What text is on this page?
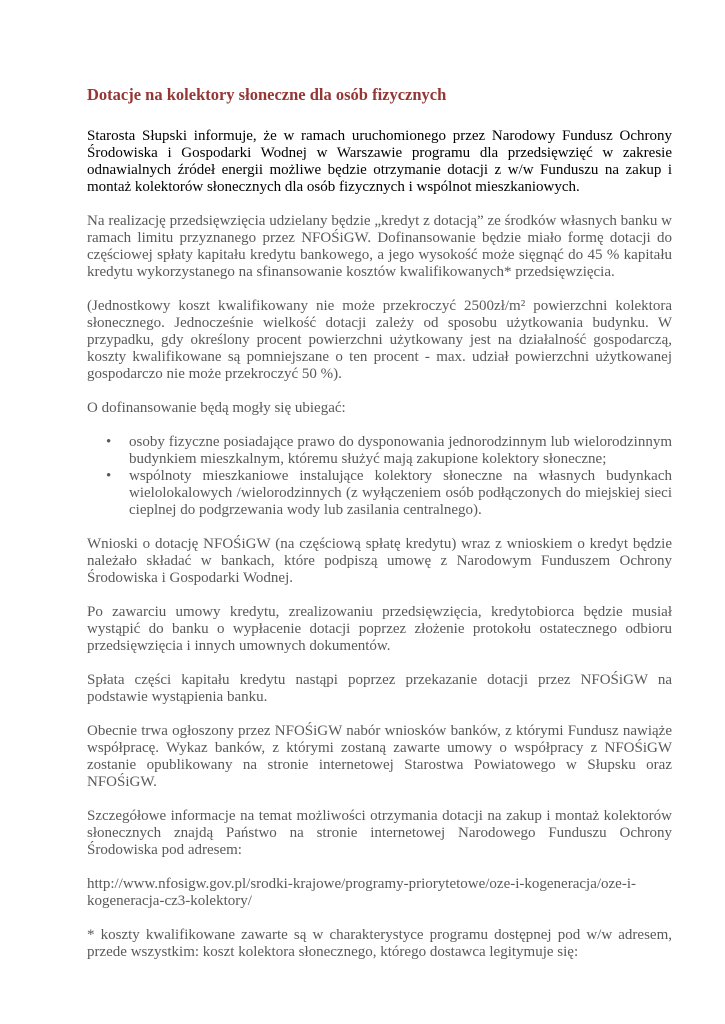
Dotacje na kolektory słoneczne dla osób fizycznych

Starosta Słupski informuje, że w ramach uruchomionego przez Narodowy Fundusz Ochrony Środowiska i Gospodarki Wodnej w Warszawie programu dla przedsięwzięć w zakresie odnawialnych źródeł energii możliwe będzie otrzymanie dotacji z w/w Funduszu na zakup i montaż kolektorów słonecznych dla osób fizycznych i wspólnot mieszkaniowych.

Na realizację przedsięwzięcia udzielany będzie „kredyt z dotacją” ze środków własnych banku w ramach limitu przyznanego przez NFOŚiGW. Dofinansowanie będzie miało formę dotacji do częściowej spłaty kapitału kredytu bankowego, a jego wysokość może sięgnąć do 45 % kapitału kredytu wykorzystanego na sfinansowanie kosztów kwalifikowanych* przedsięwzięcia.

(Jednostkowy koszt kwalifikowany nie może przekroczyć 2500zł/m² powierzchni kolektora słonecznego. Jednocześnie wielkość dotacji zależy od sposobu użytkowania budynku. W przypadku, gdy określony procent powierzchni użytkowany jest na działalność gospodarczą, koszty kwalifikowane są pomniejszane o ten procent - max. udział powierzchni użytkowanej gospodarczo nie może przekroczyć 50 %).

O dofinansowanie będą mogły się ubiegać:

• osoby fizyczne posiadające prawo do dysponowania jednorodzinnym lub wielorodzinnym budynkiem mieszkalnym, któremu służyć mają zakupione kolektory słoneczne;
• wspólnoty mieszkaniowe instalujące kolektory słoneczne na własnych budynkach wielolokalowych /wielorodzinnych (z wyłączeniem osób podłączonych do miejskiej sieci cieplnej do podgrzewania wody lub zasilania centralnego).

Wnioski o dotację NFOŚiGW (na częściową spłatę kredytu) wraz z wnioskiem o kredyt będzie należało składać w bankach, które podpiszą umowę z Narodowym Funduszem Ochrony Środowiska i Gospodarki Wodnej.

Po zawarciu umowy kredytu, zrealizowaniu przedsięwzięcia, kredytobiorca będzie musiał wystąpić do banku o wypłacenie dotacji poprzez złożenie protokołu ostatecznego odbioru przedsięwzięcia i innych umownych dokumentów.

Spłata części kapitału kredytu nastąpi poprzez przekazanie dotacji przez NFOŚiGW na podstawie wystąpienia banku.

Obecnie trwa ogłoszony przez NFOŚiGW nabór wniosków banków, z którymi Fundusz nawiąże współpracę. Wykaz banków, z którymi zostaną zawarte umowy o współpracy z NFOŚiGW zostanie opublikowany na stronie internetowej Starostwa Powiatowego w Słupsku oraz NFOŚiGW.

Szczegółowe informacje na temat możliwości otrzymania dotacji na zakup i montaż kolektorów słonecznych znajdą Państwo na stronie internetowej Narodowego Funduszu Ochrony Środowiska pod adresem:

http://www.nfosigw.gov.pl/srodki-krajowe/programy-priorytetowe/oze-i-kogeneracja/oze-i-
kogeneracja-cz3-kolektory/

* koszty kwalifikowane zawarte są w charakterystyce programu dostępnej pod w/w adresem, przede wszystkim: koszt kolektora słonecznego, którego dostawca legitymuje się:
